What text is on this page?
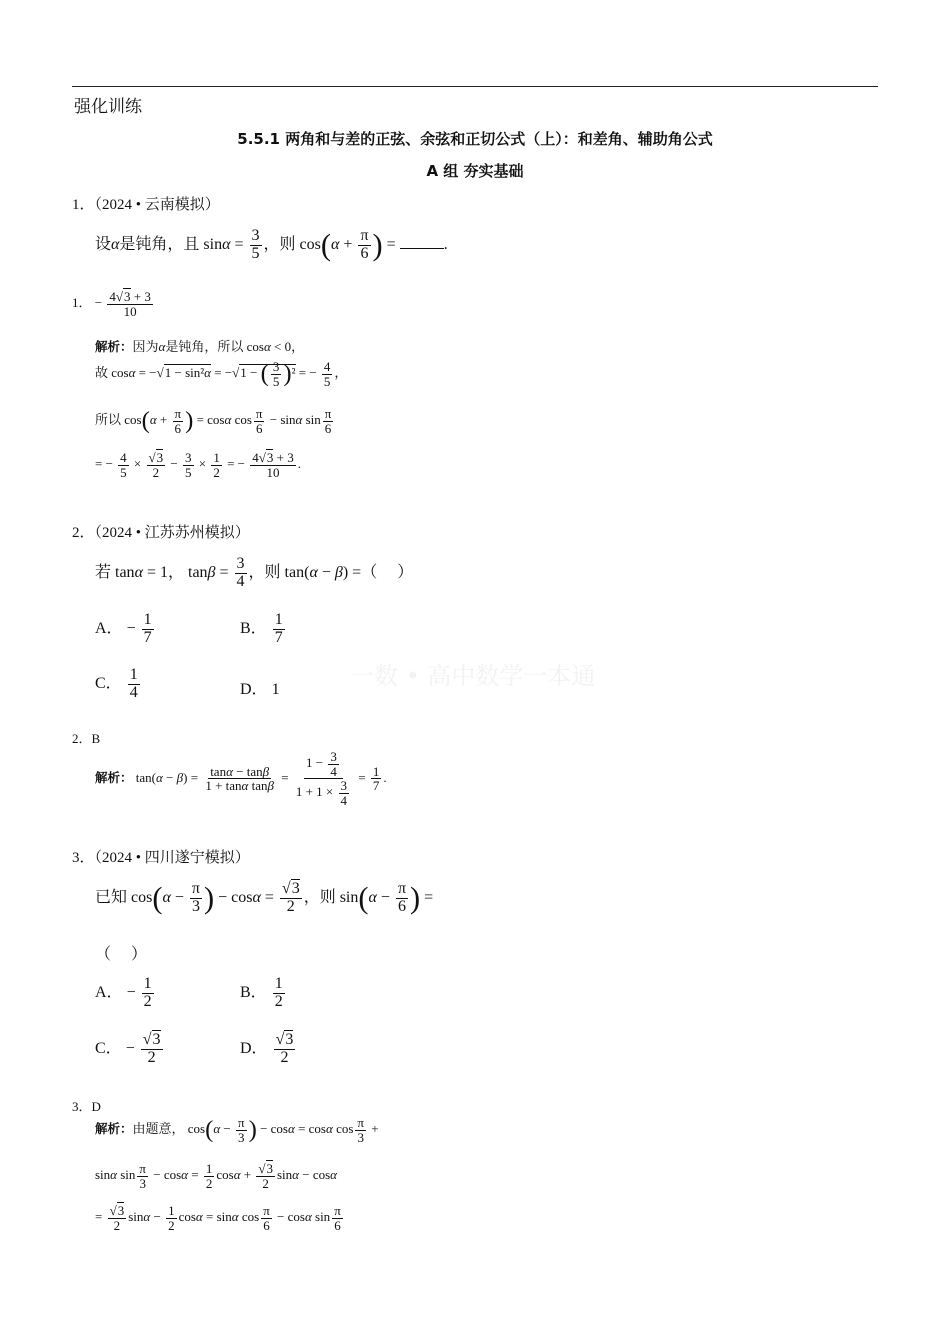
强化训练
5.5.1 两角和与差的正弦、余弦和正切公式（上）：和差角、辅助角公式
A 组 夯实基础
一数 • 高中数学一本通
1．（2024 • 云南模拟）
设α是钝角，且 $\sin\alpha = \frac{3}{5}$ ，则 $\cos(\alpha + \frac{\pi}{6}$ ) =	.
1． − $\frac{4√3 + 3}{10}$
解析：因为α是钝角，所以 cosα < 0，
故 cosα = −√1 − sin²α = −√1 − ( $\frac{3}{5} )^2$ = − $\frac{4}{5}$ ，
所以 $\cos(\alpha + \frac{\pi}{6}$ ) = cosα $\cos \frac{\pi}{6} - \sin\alpha$ $\sin \frac{\pi}{6}$
= − $\frac{4}{5} \times \frac{√3}{2} - \frac{3}{5} \times \frac{1}{2}$ = − $\frac{4√3 + 3}{10}$ .
2．（2024 • 江苏苏州模拟）
若 tanα = 1， $\tan\beta = \frac{3}{4}$ ，则 tan(α − β) =（　 ）
A． − $\frac{1}{7}$	B． $\frac{1}{7}$
C． $\frac{1}{4}$	D． 1
2．B
解析： $\tan(\alpha - \beta) = \frac{\tan\alpha - \tan\beta}{\text{1 + tanα tanβ}} = \frac{1 - \frac{3}{4}}{1 + 1 \times \frac{3}{4}} = \frac{1}{7}$ .
3．（2024 • 四川遂宁模拟）
已知 $\cos(\alpha - \frac{\pi}{3}$ ) − $\cos\alpha = \frac{√3}{2}$ ，则 $\sin(\alpha - \frac{\pi}{6}$ ) =
（　 ）
A． − $\frac{1}{2}$	B． $\frac{1}{2}$
C． − $\frac{√3}{2}$	D． $\frac{√3}{2}$
3．D
解析：由题意， $\cos(\alpha - \frac{\pi}{3}$ ) − cosα = cosα $\cos \frac{\pi}{3}$ +
sinα $\sin \frac{\pi}{3} - \cos\alpha = \frac{1}{2}$ $\cos\alpha + \frac{√3}{2}$ sinα − cosα
= $\frac{√3}{2}$ $\sin\alpha - \frac{1}{2}$ cosα = sinα $\cos \frac{\pi}{6} - \cos\alpha$ $\sin \frac{\pi}{6}$
